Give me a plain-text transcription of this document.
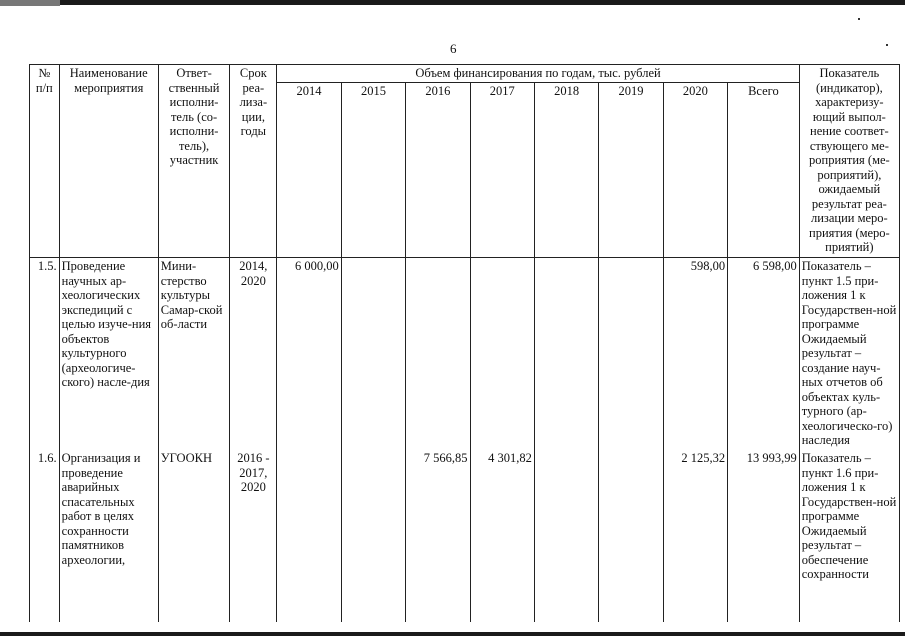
6
№ п/п	Наименование мероприятия	Ответ-ственный исполни-тель (со-исполни-тель), участник	Срок реа-лиза-ции, годы	Объем финансирования по годам, тыс. рублей								Показатель (индикатор), характеризу-ющий выпол-нение соответ-ствующего ме-роприятия (ме-роприятий), ожидаемый результат реа-лизации меро-приятия (меро-приятий)
				2014	2015	2016	2017	2018	2019	2020	Всего	
1.5.	Проведение научных ар-хеологических экспедиций с целью изуче-ния объектов культурного (археологиче-ского) насле-дия	Мини-стерство культуры Самар-ской об-ласти	2014, 2020	6 000,00						598,00	6 598,00	Показатель – пункт 1.5 при-ложения 1 к Государствен-ной программе Ожидаемый результат – создание науч-ных отчетов об объектах куль-турного (ар-хеологическо-го) наследия
1.6.	Организация и проведение аварийных спасательных работ в целях сохранности памятников археологии,	УГООКН	2016 - 2017, 2020			7 566,85	4 301,82			2 125,32	13 993,99	Показатель – пункт 1.6 при-ложения 1 к Государствен-ной программе Ожидаемый результат – обеспечение сохранности
